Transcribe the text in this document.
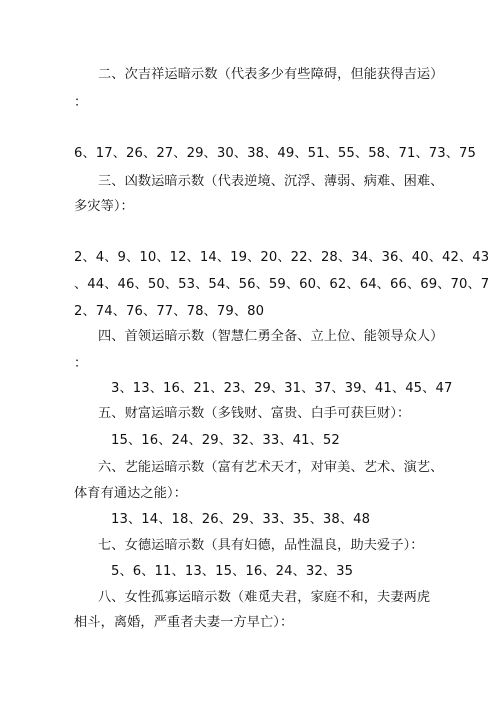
二、次吉祥运暗示数（代表多少有些障碍，但能获得吉运）
：
6、17、26、27、29、30、38、49、51、55、58、71、73、75
三、凶数运暗示数（代表逆境、沉浮、薄弱、病难、困难、
多灾等）：
2、4、9、10、12、14、19、20、22、28、34、36、40、42、43
、44、46、50、53、54、56、59、60、62、64、66、69、70、7
2、74、76、77、78、79、80
四、首领运暗示数（智慧仁勇全备、立上位、能领导众人）
：
3、13、16、21、23、29、31、37、39、41、45、47
五、财富运暗示数（多钱财、富贵、白手可获巨财）：
15、16、24、29、32、33、41、52
六、艺能运暗示数（富有艺术天才，对审美、艺术、演艺、
体育有通达之能）：
13、14、18、26、29、33、35、38、48
七、女德运暗示数（具有妇德，品性温良，助夫爱子）：
5、6、11、13、15、16、24、32、35
八、女性孤寡运暗示数（难觅夫君，家庭不和，夫妻两虎
相斗，离婚，严重者夫妻一方早亡）：
